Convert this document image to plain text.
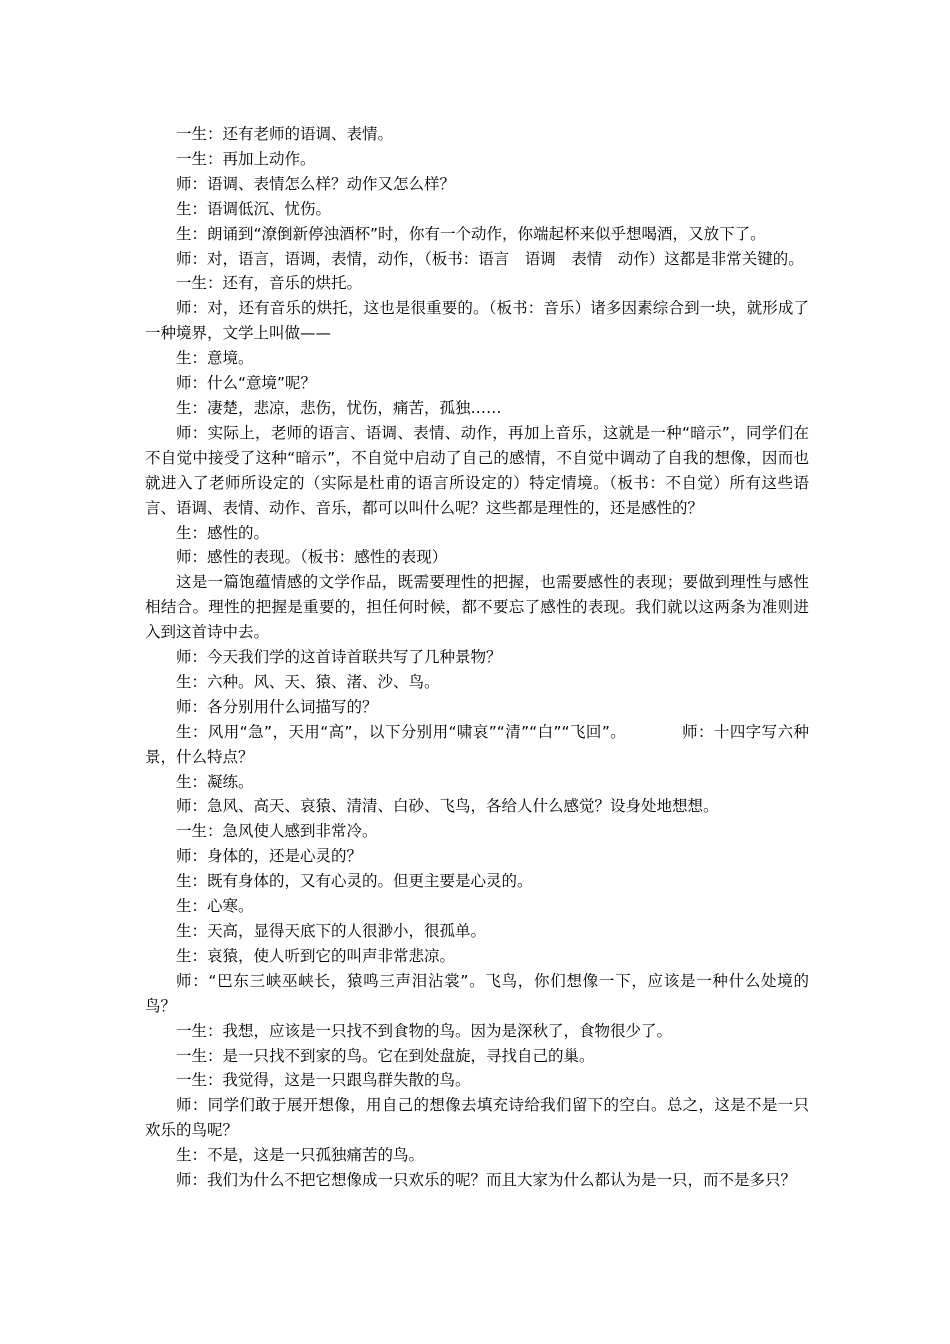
一生：还有老师的语调、表情。

一生：再加上动作。

师：语调、表情怎么样？动作又怎么样？

生：语调低沉、忧伤。

生：朗诵到“潦倒新停浊酒杯”时，你有一个动作，你端起杯来似乎想喝酒，又放下了。

师：对，语言，语调，表情，动作，（板书：语言　语调　表情　动作）这都是非常关键的。

一生：还有，音乐的烘托。

师：对，还有音乐的烘托，这也是很重要的。（板书：音乐）诸多因素综合到一块，就形成了一种境界，文学上叫做——

生：意境。

师：什么“意境”呢？

生：凄楚，悲凉，悲伤，忧伤，痛苦，孤独……

师：实际上，老师的语言、语调、表情、动作，再加上音乐，这就是一种“暗示”，同学们在不自觉中接受了这种“暗示”，不自觉中启动了自己的感情，不自觉中调动了自我的想像，因而也就进入了老师所设定的（实际是杜甫的语言所设定的）特定情境。（板书：不自觉）所有这些语言、语调、表情、动作、音乐，都可以叫什么呢？这些都是理性的，还是感性的？

生：感性的。

师：感性的表现。（板书：感性的表现）

这是一篇饱蕴情感的文学作品，既需要理性的把握，也需要感性的表现；要做到理性与感性相结合。理性的把握是重要的，担任何时候，都不要忘了感性的表现。我们就以这两条为准则进入到这首诗中去。

师：今天我们学的这首诗首联共写了几种景物？

生：六种。风、天、猿、渚、沙、鸟。

师：各分别用什么词描写的？

生：风用“急”，天用“高”，以下分别用“啸哀”“清”“白”“飞回”。　　　　师：十四字写六种景，什么特点？

生：凝练。

师：急风、高天、哀猿、清清、白砂、飞鸟，各给人什么感觉？设身处地想想。

一生：急风使人感到非常冷。

师：身体的，还是心灵的？

生：既有身体的，又有心灵的。但更主要是心灵的。

生：心寒。

生：天高，显得天底下的人很渺小，很孤单。

生：哀猿，使人听到它的叫声非常悲凉。

师：“巴东三峡巫峡长，猿鸣三声泪沾裳”。飞鸟，你们想像一下，应该是一种什么处境的鸟？

一生：我想，应该是一只找不到食物的鸟。因为是深秋了，食物很少了。

一生：是一只找不到家的鸟。它在到处盘旋，寻找自己的巢。

一生：我觉得，这是一只跟鸟群失散的鸟。

师：同学们敢于展开想像，用自己的想像去填充诗给我们留下的空白。总之，这是不是一只欢乐的鸟呢？

生：不是，这是一只孤独痛苦的鸟。

师：我们为什么不把它想像成一只欢乐的呢？而且大家为什么都认为是一只，而不是多只？
